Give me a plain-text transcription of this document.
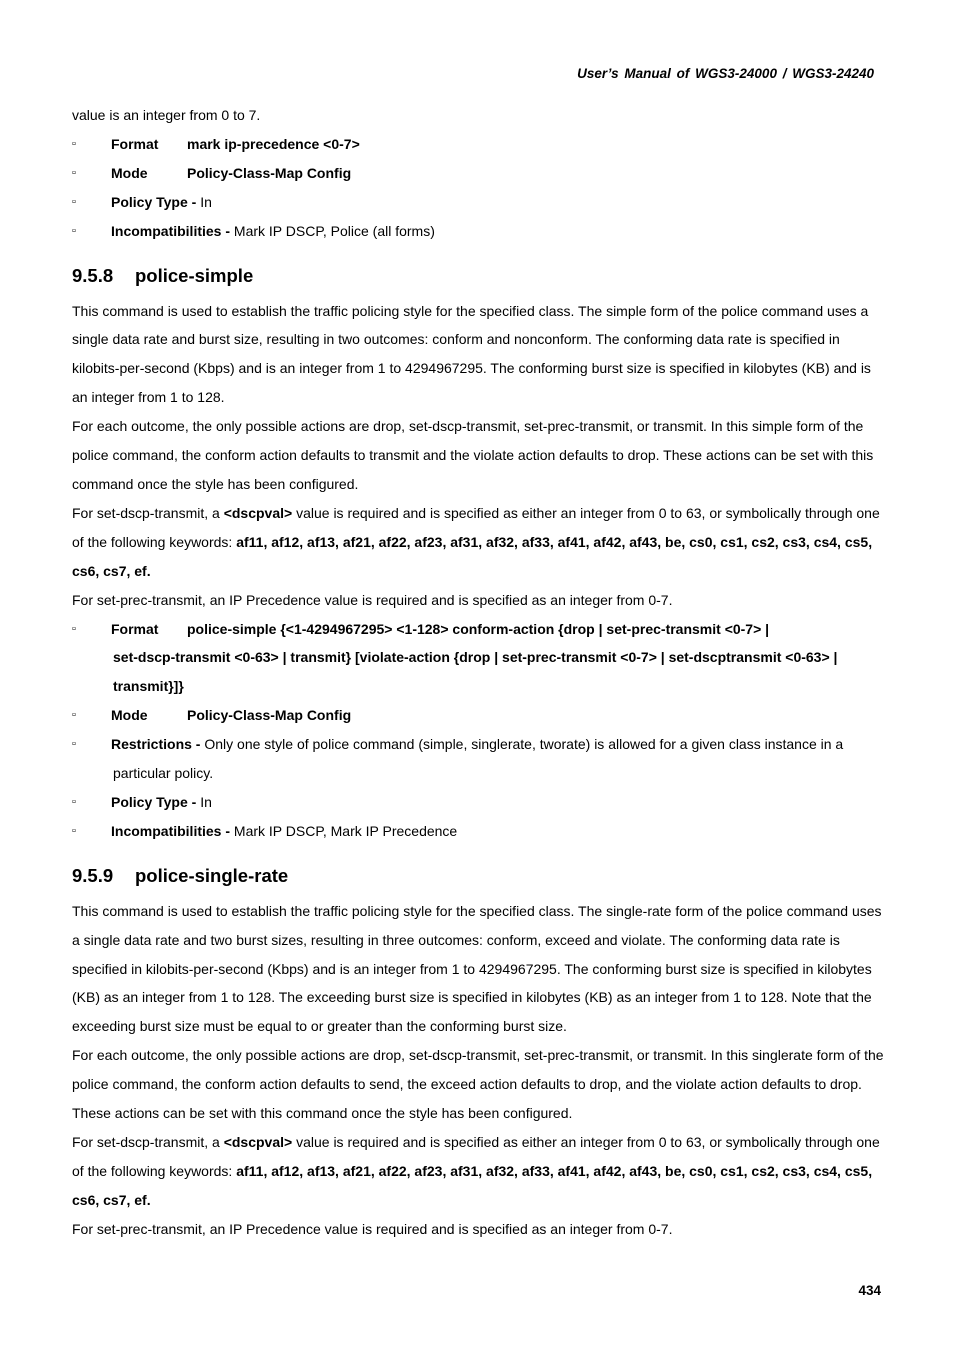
User’s Manual of WGS3-24000 / WGS3-24240

value is an integer from 0 to 7.

▫	Format mark ip-precedence <0-7>
▫	Mode	Policy-Class-Map Config
▫	Policy Type - In
▫	Incompatibilities - Mark IP DSCP, Police (all forms)
9.5.8 police-simple

This command is used to establish the traffic policing style for the specified class. The simple form of the police command uses a single data rate and burst size, resulting in two outcomes: conform and nonconform. The conforming data rate is specified in kilobits-per-second (Kbps) and is an integer from 1 to 4294967295. The conforming burst size is specified in kilobytes (KB) and is an integer from 1 to 128.

For each outcome, the only possible actions are drop, set-dscp-transmit, set-prec-transmit, or transmit. In this simple form of the police command, the conform action defaults to transmit and the violate action defaults to drop. These actions can be set with this command once the style has been configured.

For set-dscp-transmit, a <dscpval> value is required and is specified as either an integer from 0 to 63, or symbolically through one of the following keywords: af11, af12, af13, af21, af22, af23, af31, af32, af33, af41, af42, af43, be, cs0, cs1, cs2, cs3, cs4, cs5, cs6, cs7, ef.

For set-prec-transmit, an IP Precedence value is required and is specified as an integer from 0-7.

▫	Format police-simple {<1-4294967295> <1-128> conform-action {drop | set-prec-transmit <0-7> |
set-dscp-transmit <0-63> | transmit} [violate-action {drop | set-prec-transmit <0-7> | set-dscptransmit <0-63> |
transmit}]}
▫	Mode	Policy-Class-Map Config
▫	Restrictions - Only one style of police command (simple, singlerate, tworate) is allowed for a given class instance in a
particular policy.
▫	Policy Type - In
▫	Incompatibilities - Mark IP DSCP, Mark IP Precedence
9.5.9 police-single-rate

This command is used to establish the traffic policing style for the specified class. The single-rate form of the police command uses a single data rate and two burst sizes, resulting in three outcomes: conform, exceed and violate. The conforming data rate is specified in kilobits-per-second (Kbps) and is an integer from 1 to 4294967295. The conforming burst size is specified in kilobytes (KB) as an integer from 1 to 128. The exceeding burst size is specified in kilobytes (KB) as an integer from 1 to 128. Note that the exceeding burst size must be equal to or greater than the conforming burst size.

For each outcome, the only possible actions are drop, set-dscp-transmit, set-prec-transmit, or transmit. In this singlerate form of the police command, the conform action defaults to send, the exceed action defaults to drop, and the violate action defaults to drop. These actions can be set with this command once the style has been configured.

For set-dscp-transmit, a <dscpval> value is required and is specified as either an integer from 0 to 63, or symbolically through one of the following keywords: af11, af12, af13, af21, af22, af23, af31, af32, af33, af41, af42, af43, be, cs0, cs1, cs2, cs3, cs4, cs5, cs6, cs7, ef.

For set-prec-transmit, an IP Precedence value is required and is specified as an integer from 0-7.

434
